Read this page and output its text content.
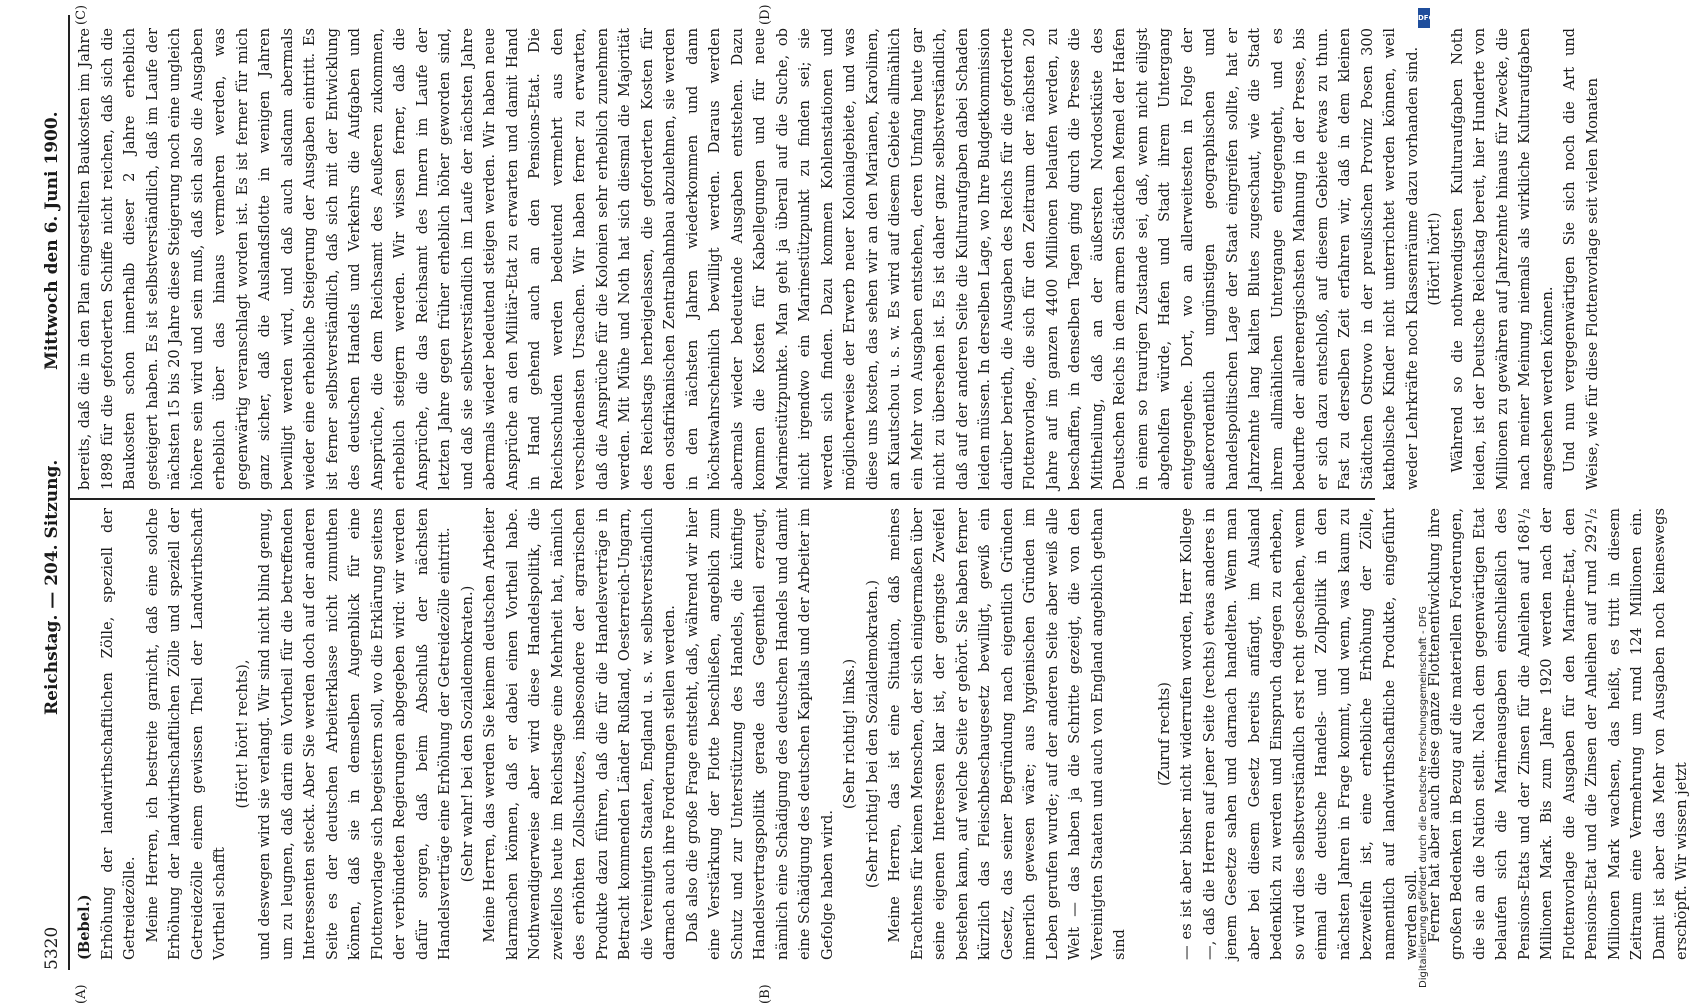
5320
Reichstag. — 204. Sitzung.
Mittwoch den 6. Juni 1900.
(A)	(B)
(C)	(D)

(Bebel.) Erhöhung der landwirthschaftlichen Zölle, speziell der Getreidezölle. Meine Herren, ich bestreite garnicht, daß eine solche Erhöhung der landwirthschaftlichen Zölle und speziell der Getreidezölle einem gewissen Theil der Landwirthschaft Vortheil schafft

(Hört! hört! rechts), und deswegen wird sie verlangt. Wir sind nicht blind genug, um zu leugnen, daß darin ein Vortheil für die betreffenden Interessenten steckt. Aber Sie werden doch auf der anderen Seite es der deutschen Arbeiterklasse nicht zumuthen können, daß sie in demselben Augenblick für eine Flottenvorlage sich begeistern soll, wo die Erklärung seitens der verbündeten Regierungen abgegeben wird: wir werden dafür sorgen, daß beim Abschluß der nächsten Handelsverträge eine Erhöhung der Getreidezölle eintritt. (Sehr wahr! bei den Sozialdemokraten.) Meine Herren, das werden Sie keinem deutschen Arbeiter klarmachen können, daß er dabei einen Vortheil habe. Nothwendigerweise aber wird diese Handelspolitik, die zweifellos heute im Reichstage eine Mehrheit hat, nämlich des erhöhten Zollschutzes, insbesondere der agrarischen Produkte dazu führen, daß die für die Handelsverträge in Betracht kommenden Länder Rußland, Oesterreich-Ungarn, die Vereinigten Staaten, England u. s. w. selbstverständlich darnach auch ihre Forderungen stellen werden. Daß also die große Frage entsteht, daß, während wir hier eine Verstärkung der Flotte beschließen, angeblich zum Schutz und zur Unterstützung des Handels, die künftige Handelsvertragspolitik gerade das Gegentheil erzeugt, nämlich eine Schädigung des deutschen Handels und damit eine Schädigung des deutschen Kapitals und der Arbeiter im Gefolge haben wird.

(Sehr richtig! links.) (Sehr richtig! bei den Sozialdemokraten.) Meine Herren, das ist eine Situation, daß meines Erachtens für keinen Menschen, der sich einigermaßen über seine eigenen Interessen klar ist, der geringste Zweifel bestehen kann, auf welche Seite er gehört. Sie haben ferner kürzlich das Fleischbeschaugesetz bewilligt, gewiß ein Gesetz, das seiner Begründung nach eigentlich Gründen innerlich gewesen wäre; aus hygienischen Gründen im Leben gerufen wurde; auf der anderen Seite aber weiß alle Welt — das haben ja die Schritte gezeigt, die von den Vereinigten Staaten und auch von England angeblich gethan sind

(Zuruf rechts) — es ist aber bisher nicht widerrufen worden, Herr Kollege —, daß die Herren auf jener Seite (rechts) etwas anderes in jenem Gesetze sahen und darnach handelten. Wenn man aber bei diesem Gesetz bereits anfängt, im Ausland bedenklich zu werden und Einspruch dagegen zu erheben, so wird dies selbstverständlich erst recht geschehen, wenn einmal die deutsche Handels- und Zollpolitik in den nächsten Jahren in Frage kommt, und wenn, was kaum zu bezweifeln ist, eine erhebliche Erhöhung der Zölle, namentlich auf landwirthschaftliche Produkte, eingeführt werden soll. Ferner hat aber auch diese ganze Flottenentwicklung ihre großen Bedenken in Bezug auf die materiellen Forderungen, die sie an die Nation stellt. Nach dem gegenwärtigen Etat belaufen sich die Marineausgaben einschließlich des Pensions-Etats und der Zinsen für die Anleihen auf 168¹/₂ Millionen Mark. Bis zum Jahre 1920 werden nach der Flottenvorlage die Ausgaben für den Marine-Etat, den Pensions-Etat und die Zinsen der Anleihen auf rund 292¹/₂ Millionen Mark wachsen, das heißt, es tritt in diesem Zeitraum eine Vermehrung um rund 124 Millionen ein. Damit ist aber das Mehr von Ausgaben noch keineswegs erschöpft. Wir wissen jetzt

bereits, daß die in den Plan eingestellten Baukosten im Jahre 1898 für die geforderten Schiffe nicht reichen, daß sich die Baukosten schon innerhalb dieser 2 Jahre erheblich gesteigert haben. Es ist selbstverständlich, daß im Laufe der nächsten 15 bis 20 Jahre diese Steigerung noch eine ungleich höhere sein wird und sein muß, daß sich also die Ausgaben erheblich über das hinaus vermehren werden, was gegenwärtig veranschlagt worden ist. Es ist ferner für mich ganz sicher, daß die Auslandsflotte in wenigen Jahren bewilligt werden wird, und daß auch alsdann abermals wieder eine erhebliche Steigerung der Ausgaben eintritt. Es ist ferner selbstverständlich, daß sich mit der Entwicklung des deutschen Handels und Verkehrs die Aufgaben und Ansprüche, die dem Reichsamt des Aeußeren zukommen, erheblich steigern werden. Wir wissen ferner, daß die Ansprüche, die das Reichsamt des Innern im Laufe der letzten Jahre gegen früher erheblich höher geworden sind, und daß sie selbstverständlich im Laufe der nächsten Jahre abermals wieder bedeutend steigen werden. Wir haben neue Ansprüche an den Militär-Etat zu erwarten und damit Hand in Hand gehend auch an den Pensions-Etat. Die Reichsschulden werden bedeutend vermehrt aus den verschiedensten Ursachen. Wir haben ferner zu erwarten, daß die Ansprüche für die Kolonien sehr erheblich zunehmen werden. Mit Mühe und Noth hat sich diesmal die Majorität des Reichstags herbeigelassen, die geforderten Kosten für den ostafrikanischen Zentralbahnbau abzulehnen, sie werden in den nächsten Jahren wiederkommen und dann höchstwahrscheinlich bewilligt werden. Daraus werden abermals wieder bedeutende Ausgaben entstehen. Dazu kommen die Kosten für Kabellegungen und für neue Marinestützpunkte. Man geht ja überall auf die Suche, ob nicht irgendwo ein Marinestützpunkt zu finden sei; sie werden sich finden. Dazu kommen Kohlenstationen und möglicherweise der Erwerb neuer Kolonialgebiete, und was diese uns kosten, das sehen wir an den Marianen, Karolinen, an Kiautschou u. s. w. Es wird auf diesem Gebiete allmählich ein Mehr von Ausgaben entstehen, deren Umfang heute gar nicht zu übersehen ist. Es ist daher ganz selbstverständlich, daß auf der anderen Seite die Kulturaufgaben dabei Schaden leiden müssen. In derselben Lage, wo Ihre Budgetkommission darüber berieth, die Ausgaben des Reichs für die geforderte Flottenvorlage, die sich für den Zeitraum der nächsten 20 Jahre auf im ganzen 4400 Millionen belaufen werden, zu beschaffen, in denselben Tagen ging durch die Presse die Mittheilung, daß an der äußersten Nordostküste des Deutschen Reichs in dem armen Städtchen Memel der Hafen in einem so traurigen Zustande sei, daß, wenn nicht eiligst abgeholfen würde, Hafen und Stadt ihrem Untergang entgegengehe. Dort, wo an allerweitesten in Folge der außerordentlich ungünstigen geographischen und handelspolitischen Lage der Staat eingreifen sollte, hat er Jahrzehnte lang kalten Blutes zugeschaut, wie die Stadt ihrem allmählichen Untergange entgegengeht, und es bedurfte der allerenergischsten Mahnung in der Presse, bis er sich dazu entschloß, auf diesem Gebiete etwas zu thun. Fast zu derselben Zeit erfahren wir, daß in dem kleinen Städtchen Ostrowo in der preußischen Provinz Posen 300 katholische Kinder nicht unterrichtet werden können, weil weder Lehrkräfte noch Klassenräume dazu vorhanden sind. (Hört! hört!) Während so die nothwendigsten Kulturaufgaben Noth leiden, ist der Deutsche Reichstag bereit, hier Hunderte von Millionen zu gewähren auf Jahrzehnte hinaus für Zwecke, die nach meiner Meinung niemals als wirkliche Kulturaufgaben angesehen werden können. Und nun vergegenwärtigen Sie sich noch die Art und Weise, wie für diese Flottenvorlage seit vielen Monaten

Digitalisierung gefördert durch die Deutsche Forschungsgemeinschaft - DFG
DFG
